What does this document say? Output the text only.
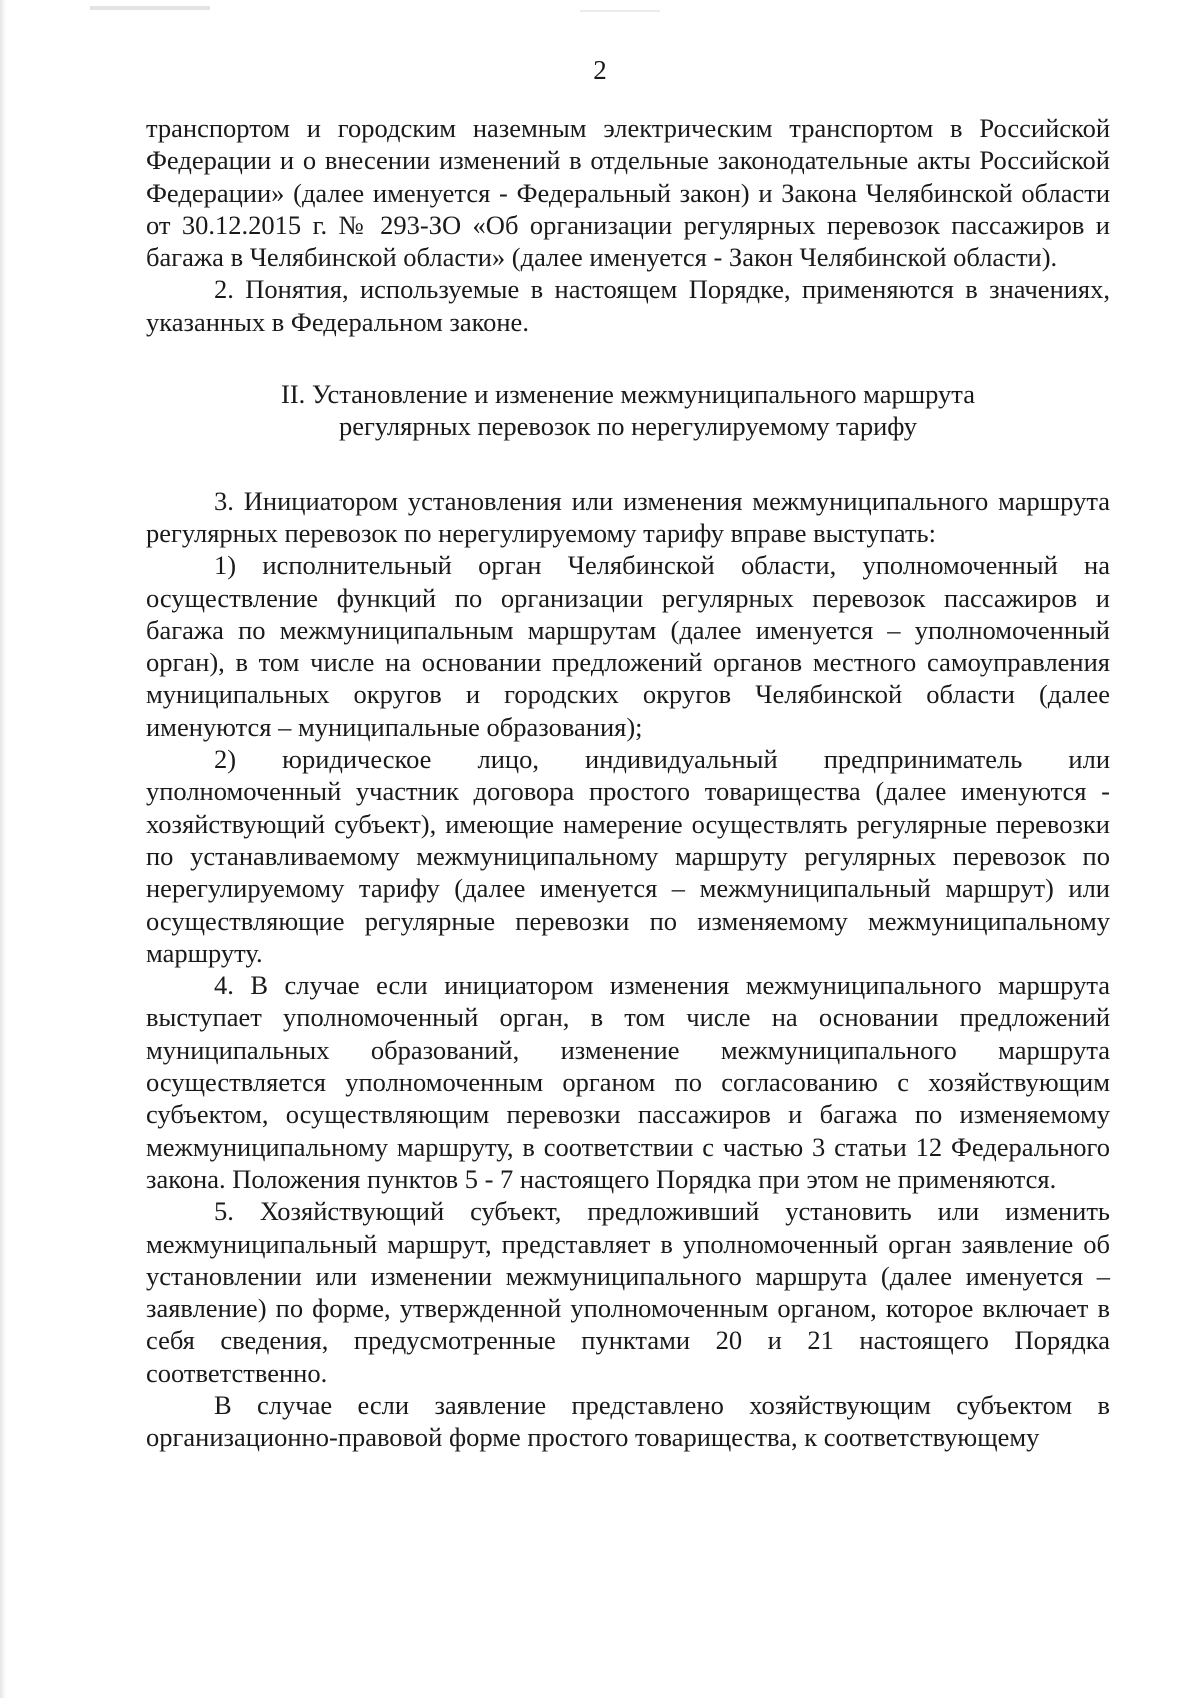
2

транспортом и городским наземным электрическим транспортом в Российской Федерации и о внесении изменений в отдельные законодательные акты Российской Федерации» (далее именуется - Федеральный закон) и Закона Челябинской области от 30.12.2015 г. № 293-ЗО «Об организации регулярных перевозок пассажиров и багажа в Челябинской области» (далее именуется - Закон Челябинской области).

2. Понятия, используемые в настоящем Порядке, применяются в значениях, указанных в Федеральном законе.

II. Установление и изменение межмуниципального маршрута
регулярных перевозок по нерегулируемому тарифу

3. Инициатором установления или изменения межмуниципального маршрута регулярных перевозок по нерегулируемому тарифу вправе выступать:

1) исполнительный орган Челябинской области, уполномоченный на осуществление функций по организации регулярных перевозок пассажиров и багажа по межмуниципальным маршрутам (далее именуется – уполномоченный орган), в том числе на основании предложений органов местного самоуправления муниципальных округов и городских округов Челябинской области (далее именуются – муниципальные образования);

2) юридическое лицо, индивидуальный предприниматель или уполномоченный участник договора простого товарищества (далее именуются - хозяйствующий субъект), имеющие намерение осуществлять регулярные перевозки по устанавливаемому межмуниципальному маршруту регулярных перевозок по нерегулируемому тарифу (далее именуется – межмуниципальный маршрут) или осуществляющие регулярные перевозки по изменяемому межмуниципальному маршруту.

4. В случае если инициатором изменения межмуниципального маршрута выступает уполномоченный орган, в том числе на основании предложений муниципальных образований, изменение межмуниципального маршрута осуществляется уполномоченным органом по согласованию с хозяйствующим субъектом, осуществляющим перевозки пассажиров и багажа по изменяемому межмуниципальному маршруту, в соответствии с частью 3 статьи 12 Федерального закона. Положения пунктов 5 - 7 настоящего Порядка при этом не применяются.

5. Хозяйствующий субъект, предложивший установить или изменить межмуниципальный маршрут, представляет в уполномоченный орган заявление об установлении или изменении межмуниципального маршрута (далее именуется – заявление) по форме, утвержденной уполномоченным органом, которое включает в себя сведения, предусмотренные пунктами 20 и 21 настоящего Порядка соответственно.

В случае если заявление представлено хозяйствующим субъектом в организационно-правовой форме простого товарищества, к соответствующему
